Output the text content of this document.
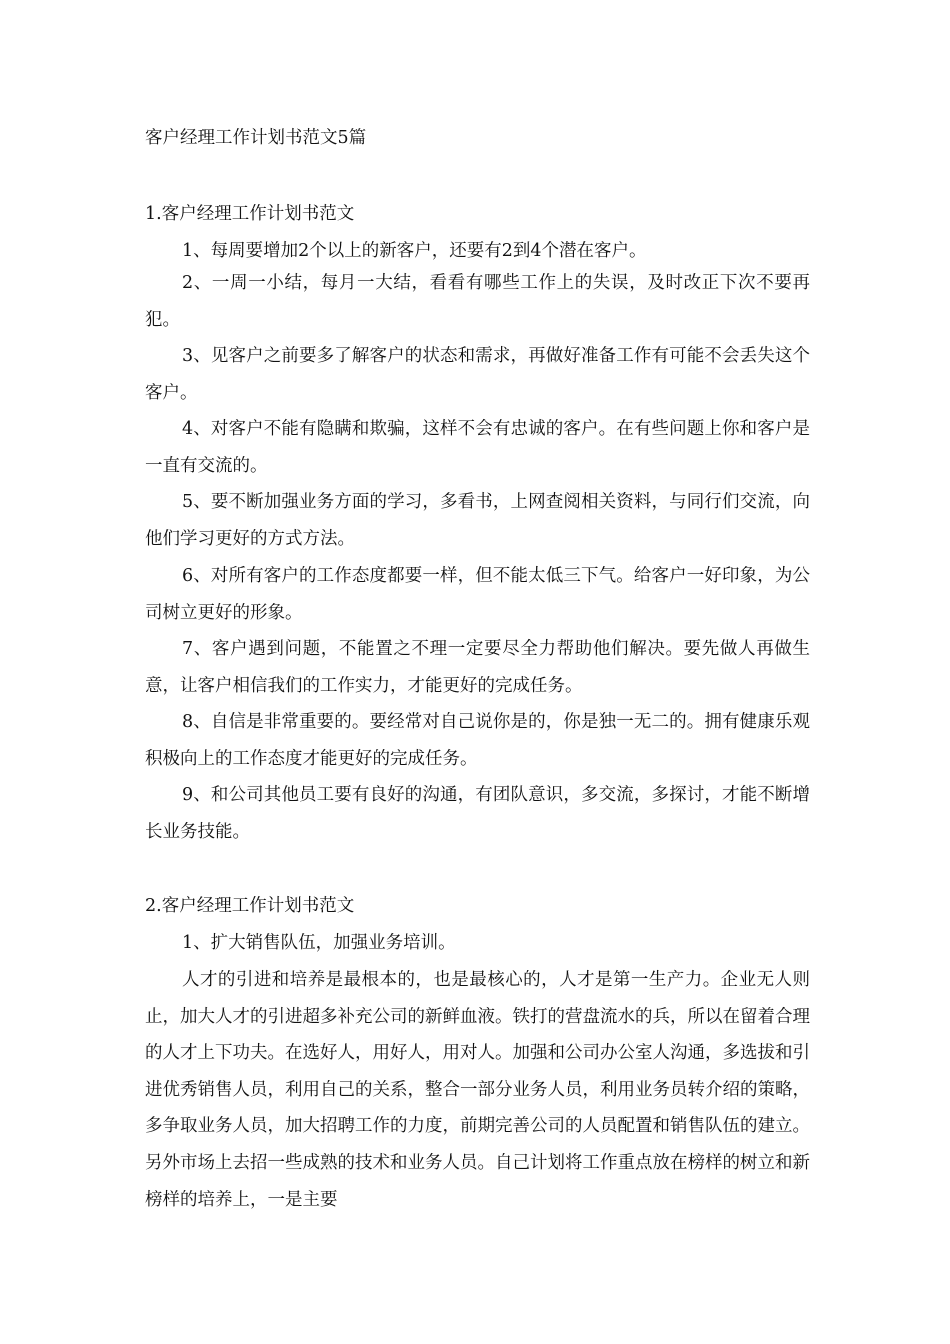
客户经理工作计划书范文5篇
1.客户经理工作计划书范文

1、每周要增加2个以上的新客户，还要有2到4个潜在客户。

2、一周一小结，每月一大结，看看有哪些工作上的失误，及时改正下次不要再犯。

3、见客户之前要多了解客户的状态和需求，再做好准备工作有可能不会丢失这个客户。

4、对客户不能有隐瞒和欺骗，这样不会有忠诚的客户。在有些问题上你和客户是一直有交流的。

5、要不断加强业务方面的学习，多看书，上网查阅相关资料，与同行们交流，向他们学习更好的方式方法。

6、对所有客户的工作态度都要一样，但不能太低三下气。给客户一好印象，为公司树立更好的形象。

7、客户遇到问题，不能置之不理一定要尽全力帮助他们解决。要先做人再做生意，让客户相信我们的工作实力，才能更好的完成任务。

8、自信是非常重要的。要经常对自己说你是的，你是独一无二的。拥有健康乐观积极向上的工作态度才能更好的完成任务。

9、和公司其他员工要有良好的沟通，有团队意识，多交流，多探讨，才能不断增长业务技能。

2.客户经理工作计划书范文

1、扩大销售队伍，加强业务培训。

人才的引进和培养是最根本的，也是最核心的，人才是第一生产力。企业无人则止，加大人才的引进超多补充公司的新鲜血液。铁打的营盘流水的兵，所以在留着合理的人才上下功夫。在选好人，用好人，用对人。加强和公司办公室人沟通，多选拔和引进优秀销售人员，利用自己的关系，整合一部分业务人员，利用业务员转介绍的策略，多争取业务人员，加大招聘工作的力度，前期完善公司的人员配置和销售队伍的建立。另外市场上去招一些成熟的技术和业务人员。自己计划将工作重点放在榜样的树立和新榜样的培养上，一是主要
